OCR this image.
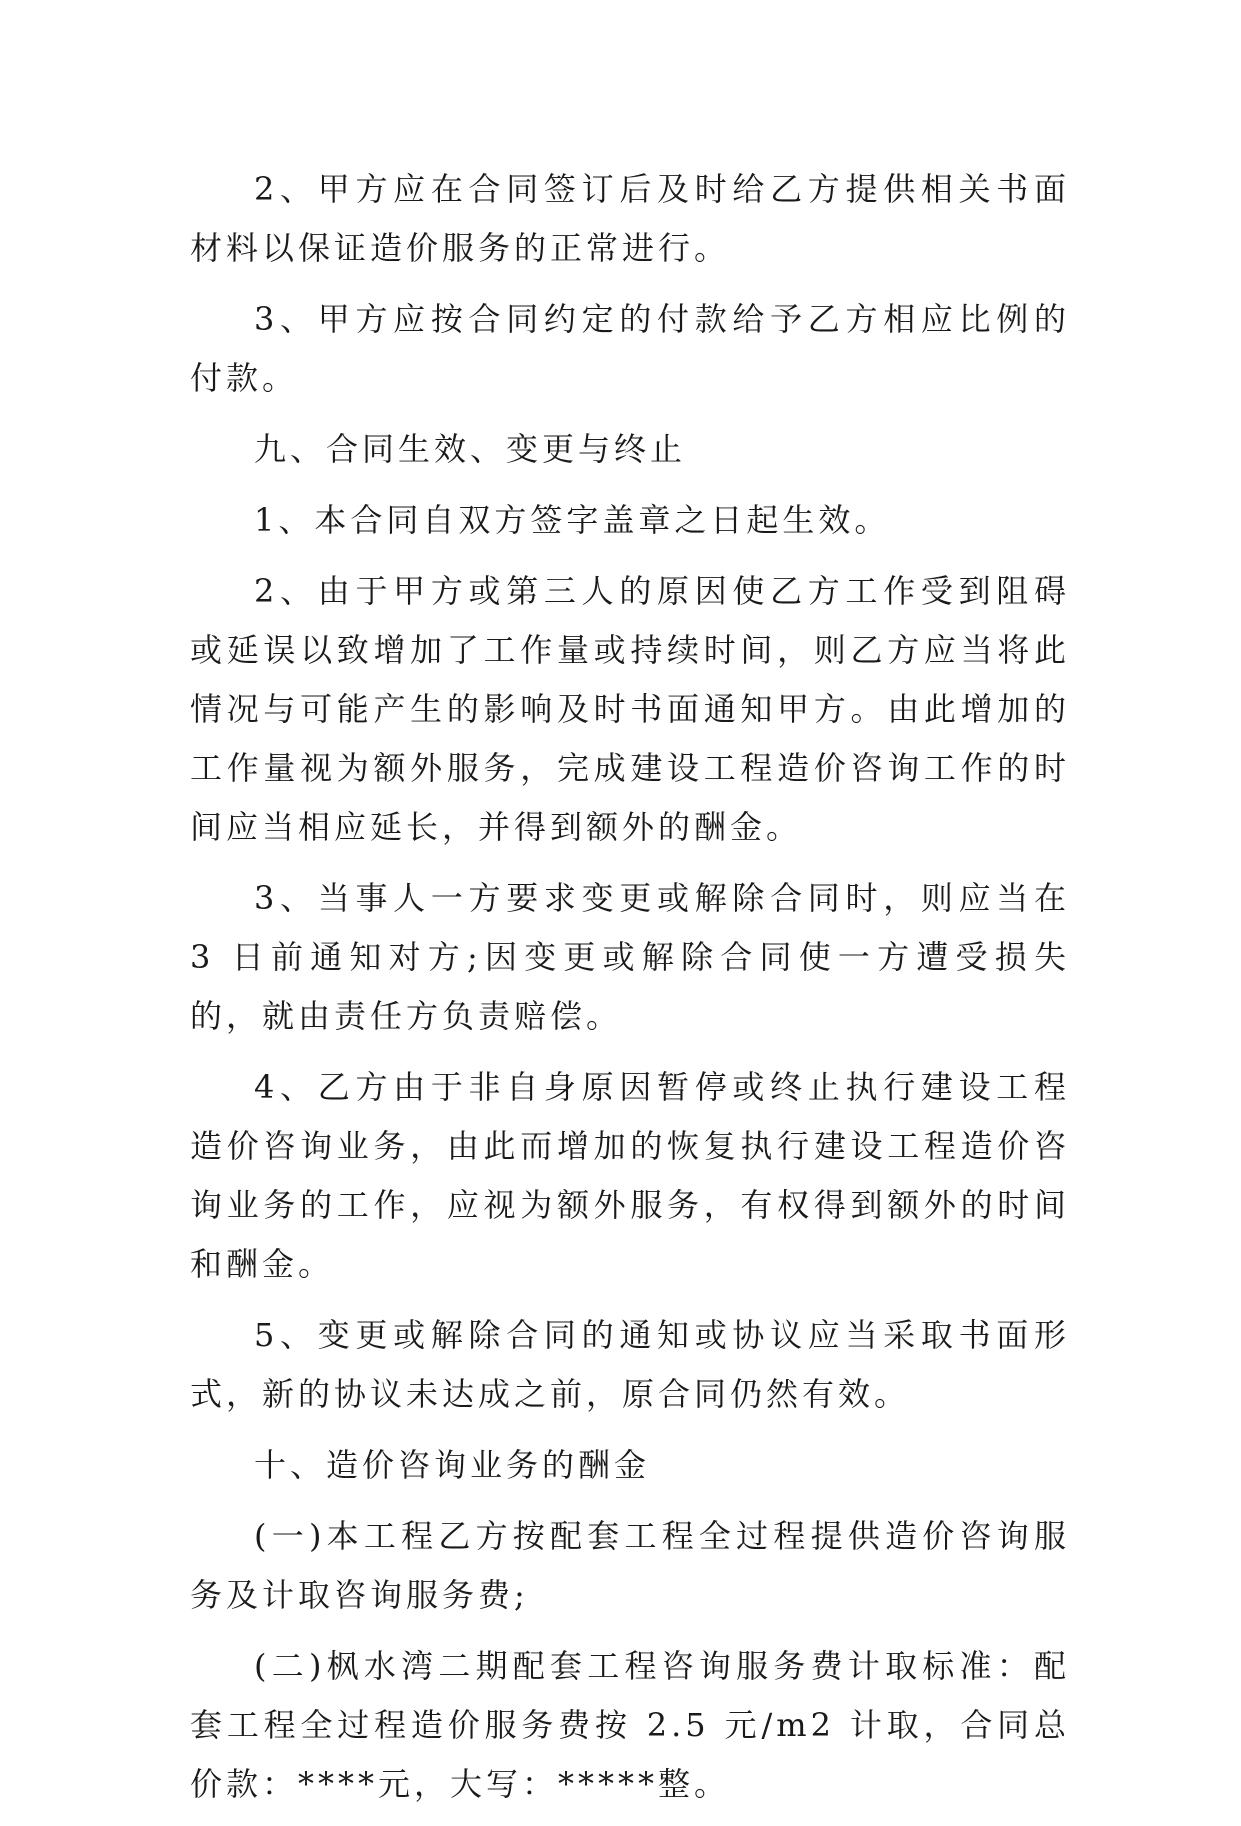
2、甲方应在合同签订后及时给乙方提供相关书面材料以保证造价服务的正常进行。

3、甲方应按合同约定的付款给予乙方相应比例的付款。

九、合同生效、变更与终止

1、本合同自双方签字盖章之日起生效。

2、由于甲方或第三人的原因使乙方工作受到阻碍或延误以致增加了工作量或持续时间，则乙方应当将此情况与可能产生的影响及时书面通知甲方。由此增加的工作量视为额外服务，完成建设工程造价咨询工作的时间应当相应延长，并得到额外的酬金。

3、当事人一方要求变更或解除合同时，则应当在 3 日前通知对方;因变更或解除合同使一方遭受损失的，就由责任方负责赔偿。

4、乙方由于非自身原因暂停或终止执行建设工程造价咨询业务，由此而增加的恢复执行建设工程造价咨询业务的工作，应视为额外服务，有权得到额外的时间和酬金。

5、变更或解除合同的通知或协议应当采取书面形式，新的协议未达成之前，原合同仍然有效。

十、造价咨询业务的酬金

(一)本工程乙方按配套工程全过程提供造价咨询服务及计取咨询服务费;

(二)枫水湾二期配套工程咨询服务费计取标准：配套工程全过程造价服务费按 2.5 元/m2 计取，合同总价款：****元，大写：*****整。
